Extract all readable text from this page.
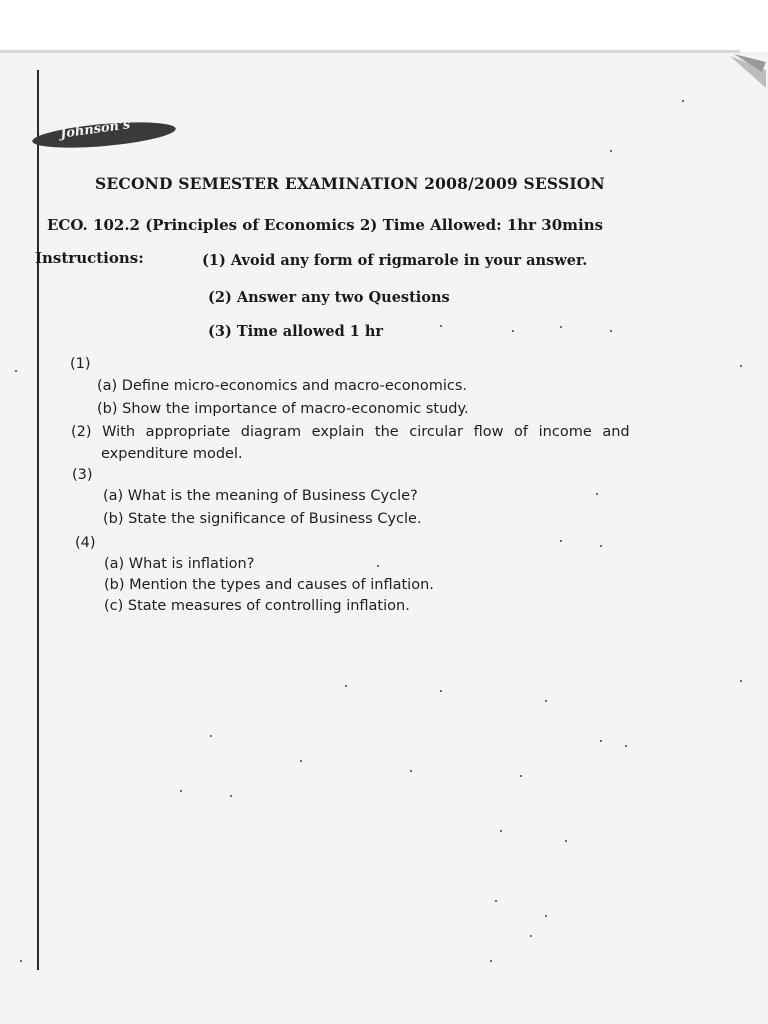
Johnson's
SECOND SEMESTER EXAMINATION 2008/2009 SESSION
ECO. 102.2 (Principles of Economics 2) Time Allowed: 1hr 30mins
Instructions:	(1) Avoid any form of rigmarole in your answer.
(2) Answer any two Questions
(3) Time allowed 1 hr
(1)
(a) Define micro-economics and macro-economics.
(b) Show the importance of macro-economic study.
(2) With appropriate diagram explain the circular flow of income and
expenditure model.
(3)
(a) What is the meaning of Business Cycle?
(b) State the significance of Business Cycle.
(4)
(a) What is inflation?
(b) Mention the types and causes of inflation.
(c) State measures of controlling inflation.
